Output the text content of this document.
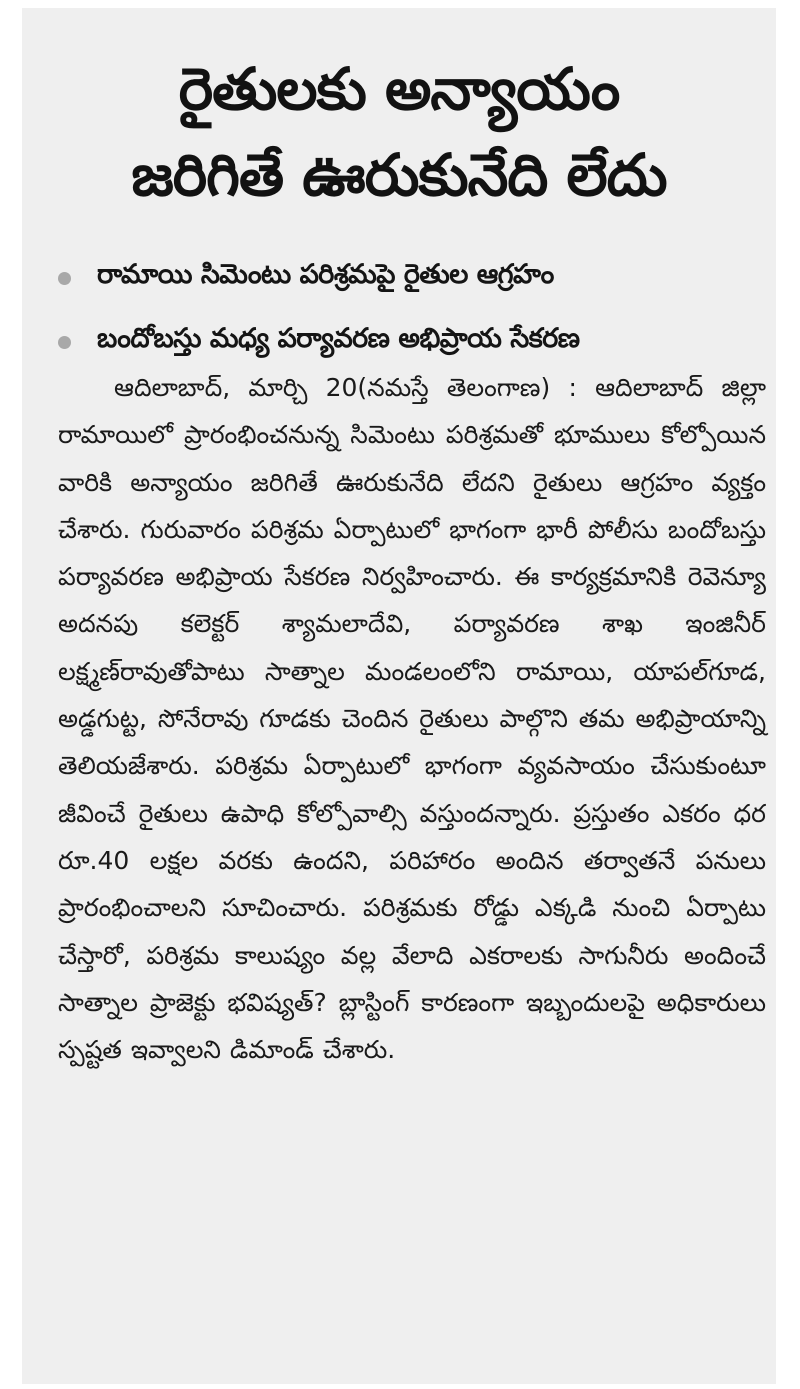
రైతులకు అన్యాయం
జరిగితే ఊరుకునేది లేదు
రామాయి సిమెంటు పరిశ్రమపై రైతుల ఆగ్రహం
బందోబస్తు మధ్య పర్యావరణ అభిప్రాయ సేకరణ

ఆదిలాబాద్, మార్చి 20(నమస్తే తెలంగాణ) : ఆదిలాబాద్ జిల్లా రామాయిలో ప్రారంభించనున్న సిమెంటు పరిశ్రమతో భూములు కోల్పోయిన వారికి అన్యాయం జరిగితే ఊరుకునేది లేదని రైతులు ఆగ్రహం వ్యక్తం చేశారు. గురువారం పరిశ్రమ ఏర్పాటులో భాగంగా భారీ పోలీసు బందోబస్తు పర్యావరణ అభిప్రాయ సేకరణ నిర్వహించారు. ఈ కార్యక్రమానికి రెవెన్యూ అదనపు కలెక్టర్ శ్యామలాదేవి, పర్యావరణ శాఖ ఇంజినీర్ లక్ష్మణ్‌రావుతోపాటు సాత్నాల మండలంలోని రామాయి, యాపల్‌గూడ, అడ్డగుట్ట, సోనేరావు గూడకు చెందిన రైతులు పాల్గొని తమ అభిప్రాయాన్ని తెలియజేశారు. పరిశ్రమ ఏర్పాటులో భాగంగా వ్యవసాయం చేసుకుంటూ జీవించే రైతులు ఉపాధి కోల్పోవాల్సి వస్తుందన్నారు. ప్రస్తుతం ఎకరం ధర రూ.40 లక్షల వరకు ఉందని, పరిహారం అందిన తర్వాతనే పనులు ప్రారంభించాలని సూచించారు. పరిశ్రమకు రోడ్డు ఎక్కడి నుంచి ఏర్పాటు చేస్తారో, పరిశ్రమ కాలుష్యం వల్ల వేలాది ఎకరాలకు సాగునీరు అందించే సాత్నాల ప్రాజెక్టు భవిష్యత్? బ్లాస్టింగ్ కారణంగా ఇబ్బందులపై అధికారులు స్పష్టత ఇవ్వాలని డిమాండ్ చేశారు.
